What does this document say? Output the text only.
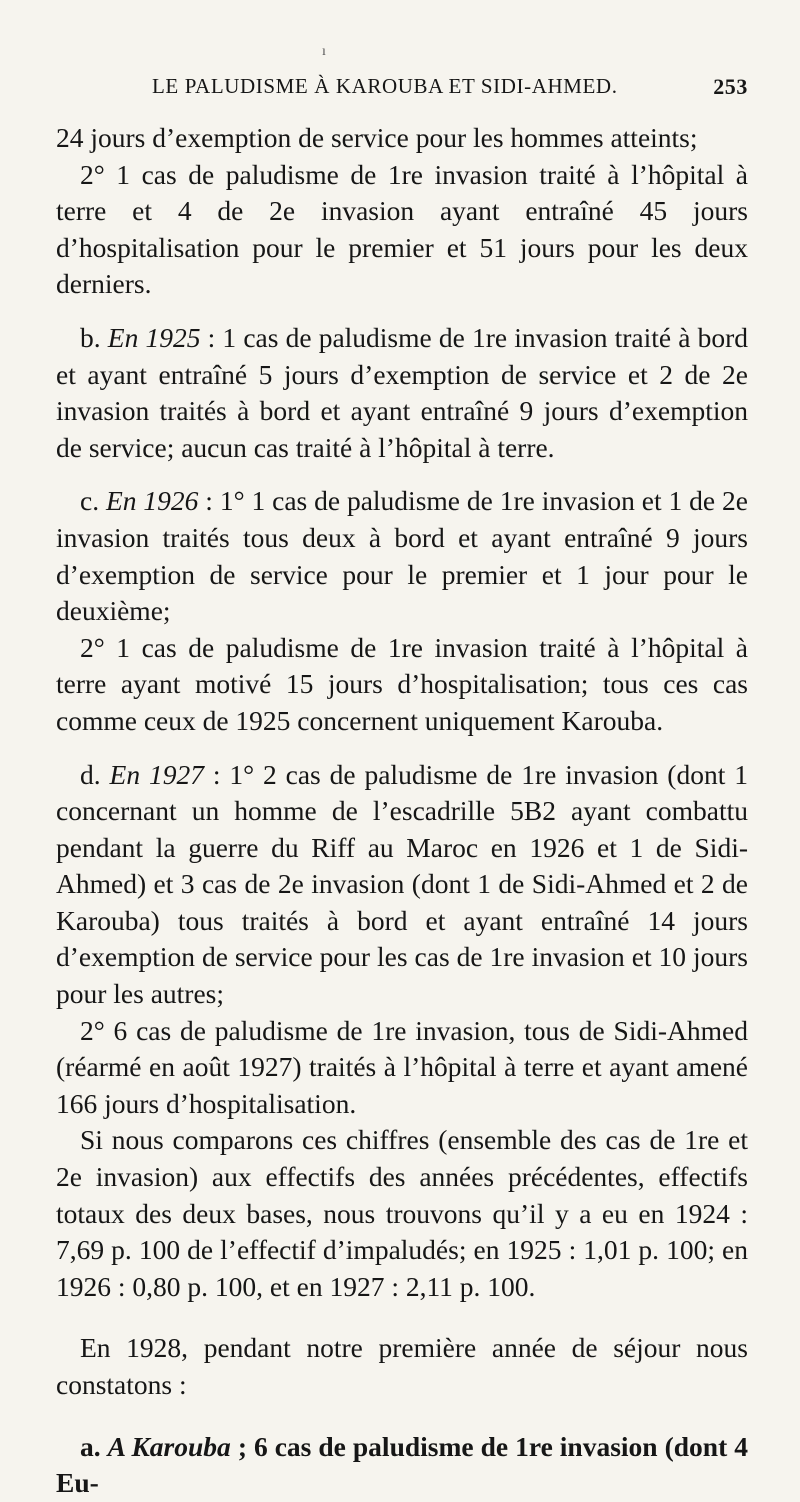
ı
LE PALUDISME À KAROUBA ET SIDI-AHMED.	253

24 jours d’exemption de service pour les hommes atteints;

2° 1 cas de paludisme de 1re invasion traité à l’hôpital à terre et 4 de 2e invasion ayant entraîné 45 jours d’hospitalisation pour le premier et 51 jours pour les deux derniers.

b. En 1925 : 1 cas de paludisme de 1re invasion traité à bord et ayant entraîné 5 jours d’exemption de service et 2 de 2e invasion traités à bord et ayant entraîné 9 jours d’exemption de service; aucun cas traité à l’hôpital à terre.

c. En 1926 : 1° 1 cas de paludisme de 1re invasion et 1 de 2e invasion traités tous deux à bord et ayant entraîné 9 jours d’exemption de service pour le premier et 1 jour pour le deuxième;

2° 1 cas de paludisme de 1re invasion traité à l’hôpital à terre ayant motivé 15 jours d’hospitalisation; tous ces cas comme ceux de 1925 concernent uniquement Karouba.

d. En 1927 : 1° 2 cas de paludisme de 1re invasion (dont 1 concernant un homme de l’escadrille 5B2 ayant combattu pendant la guerre du Riff au Maroc en 1926 et 1 de Sidi-Ahmed) et 3 cas de 2e invasion (dont 1 de Sidi-Ahmed et 2 de Karouba) tous traités à bord et ayant entraîné 14 jours d’exemption de service pour les cas de 1re invasion et 10 jours pour les autres;

2° 6 cas de paludisme de 1re invasion, tous de Sidi-Ahmed (réarmé en août 1927) traités à l’hôpital à terre et ayant amené 166 jours d’hospitalisation.

Si nous comparons ces chiffres (ensemble des cas de 1re et 2e invasion) aux effectifs des années précédentes, effectifs totaux des deux bases, nous trouvons qu’il y a eu en 1924 : 7,69 p. 100 de l’effectif d’impaludés; en 1925 : 1,01 p. 100; en 1926 : 0,80 p. 100, et en 1927 : 2,11 p. 100.

En 1928, pendant notre première année de séjour nous constatons :

a. A Karouba ; 6 cas de paludisme de 1re invasion (dont 4 Eu-
